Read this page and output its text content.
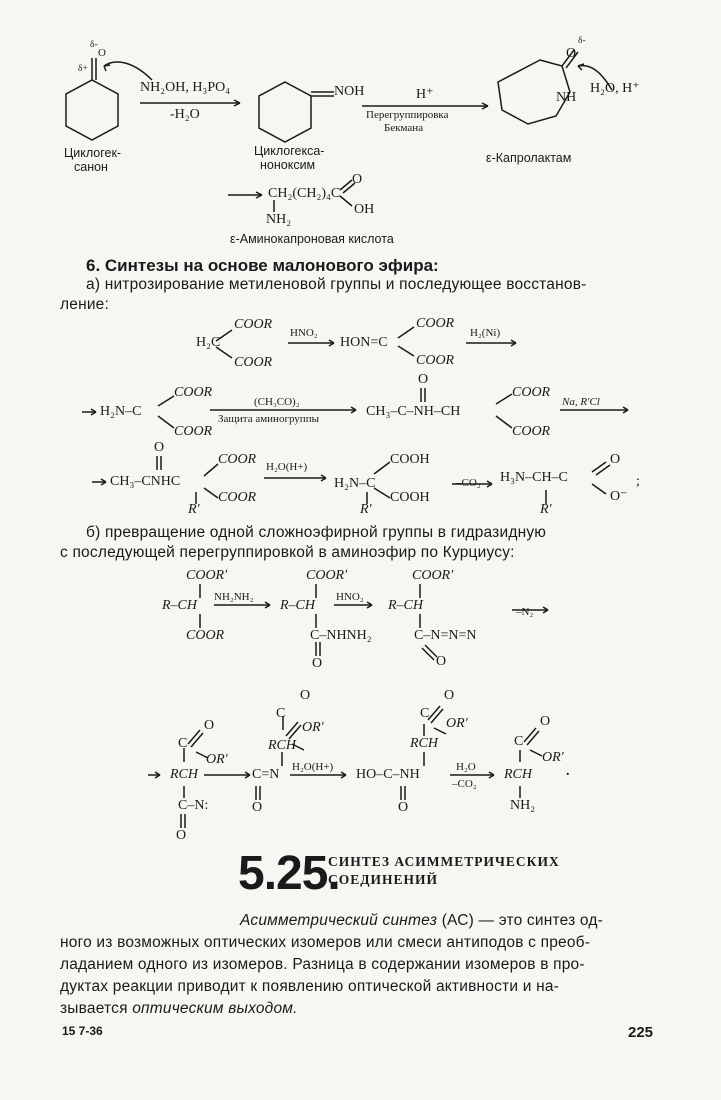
δ-
δ+
O
NH₂OH, H₃PO₄
-H₂O
NOH	H⁺
Перегруппировка
Бекмана
δ-
O
NH
H₂O, H⁺
Циклогек-
санон
Циклогекса-
ноноксим	ε-Капролактам
CH₂(CH₂)₄C
O
OH
NH₂
ε-Аминокапроновая кислота
6. Синтезы на основе малонового эфира:
а) нитрозирование метиленовой группы и последующее восстанов-
ление:
H₂C
COOR
COOR
HNO₂
HON=C
COOR
COOR
H₂(Ni)
H₂N–C
COOR
COOR
(CH₃CO)₂
Защита аминогруппы
O
CH₃–C–NH–CH
COOR
COOR
Na, R′Cl
O
CH₃–CNHC
COOR
COOR
R′
H₂O(H+)
H₂N–C
COOH
COOH
R′
–CO₂ H₃N–CH–C
O
O⁻
R′
;
б) превращение одной сложноэфирной группы в гидразидную
с последующей перегруппировкой в аминоэфир по Курциусу:
COOR′
R–CH
COOR
NH₂NH₂
COOR′
R–CH
C–NHNH₂
O
HNO₂
COOR′
R–CH
C–N=N=N
O
–N₂
O
C
OR′
RCH
C–N:
O
C=N
O
O
C
OR′
RCH
H₂O(H+) HO–C–NH
O
O
C
OR′
RCH
H₂O
–CO₂
O
C
OR′
RCH
NH₂
.
5.25.
СИНТЕЗ АСИММЕТРИЧЕСКИХ
СОЕДИНЕНИЙ
Асимметрический синтез (АС) — это синтез од-
ного из возможных оптических изомеров или смеси антиподов с преоб-
ладанием одного из изомеров. Разница в содержании изомеров в про-
дуктах реакции приводит к появлению оптической активности и на-
зывается оптическим выходом.
15 7-36	225
